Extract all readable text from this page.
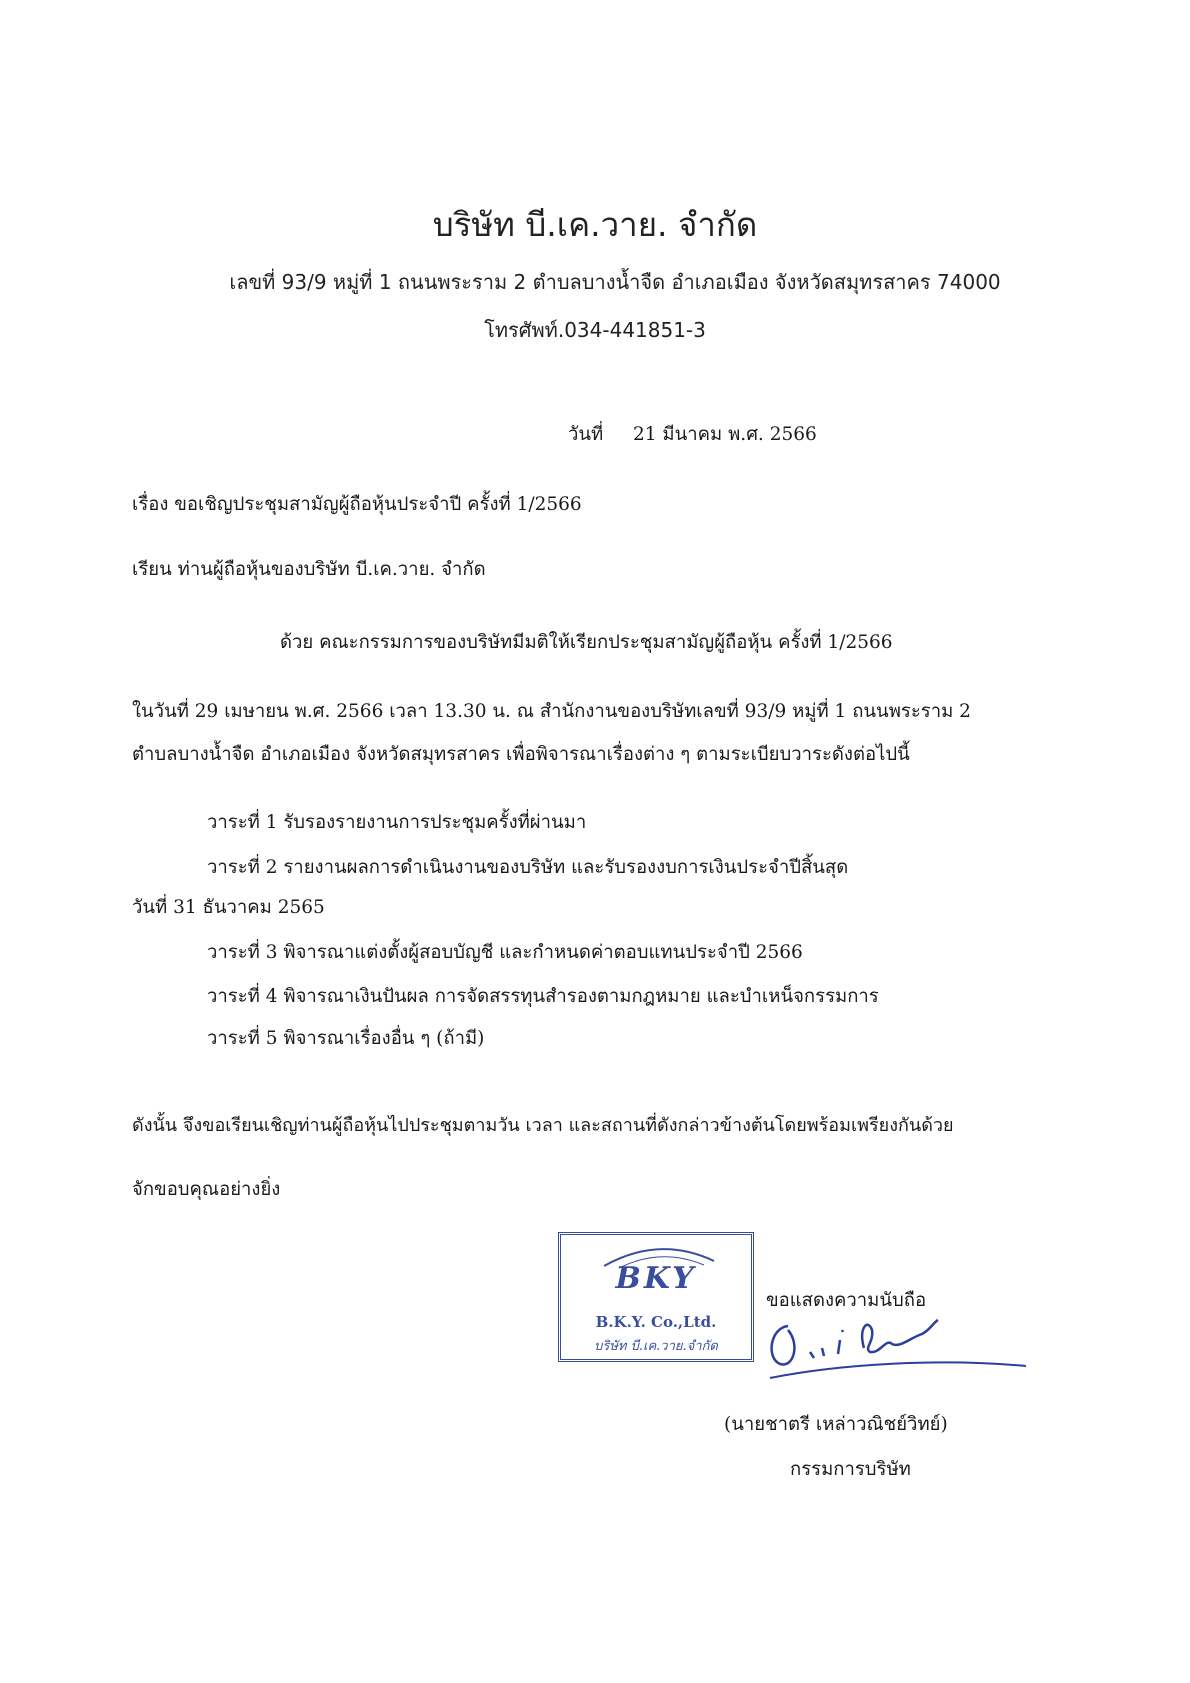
บริษัท บี.เค.วาย. จำกัด
เลขที่ 93/9 หมู่ที่ 1 ถนนพระราม 2 ตำบลบางน้ำจืด อำเภอเมือง จังหวัดสมุทรสาคร 74000
โทรศัพท์.034-441851-3
วันที่ 21 มีนาคม พ.ศ. 2566
เรื่อง ขอเชิญประชุมสามัญผู้ถือหุ้นประจำปี ครั้งที่ 1/2566
เรียน ท่านผู้ถือหุ้นของบริษัท บี.เค.วาย. จำกัด
ด้วย คณะกรรมการของบริษัทมีมติให้เรียกประชุมสามัญผู้ถือหุ้น ครั้งที่ 1/2566
ในวันที่ 29 เมษายน พ.ศ. 2566 เวลา 13.30 น. ณ สำนักงานของบริษัทเลขที่ 93/9 หมู่ที่ 1 ถนนพระราม 2
ตำบลบางน้ำจืด อำเภอเมือง จังหวัดสมุทรสาคร เพื่อพิจารณาเรื่องต่าง ๆ ตามระเบียบวาระดังต่อไปนี้
วาระที่ 1 รับรองรายงานการประชุมครั้งที่ผ่านมา
วาระที่ 2 รายงานผลการดำเนินงานของบริษัท และรับรองงบการเงินประจำปีสิ้นสุด
วันที่ 31 ธันวาคม 2565
วาระที่ 3 พิจารณาแต่งตั้งผู้สอบบัญชี และกำหนดค่าตอบแทนประจำปี 2566
วาระที่ 4 พิจารณาเงินปันผล การจัดสรรทุนสำรองตามกฎหมาย และบำเหน็จกรรมการ
วาระที่ 5 พิจารณาเรื่องอื่น ๆ (ถ้ามี)
ดังนั้น จึงขอเรียนเชิญท่านผู้ถือหุ้นไปประชุมตามวัน เวลา และสถานที่ดังกล่าวข้างต้นโดยพร้อมเพรียงกันด้วย
จักขอบคุณอย่างยิ่ง
BKY
B.K.Y. Co.,Ltd.
บริษัท บี.เค.วาย.จำกัด
ขอแสดงความนับถือ
(นายชาตรี เหล่าวณิชย์วิทย์)
กรรมการบริษัท
